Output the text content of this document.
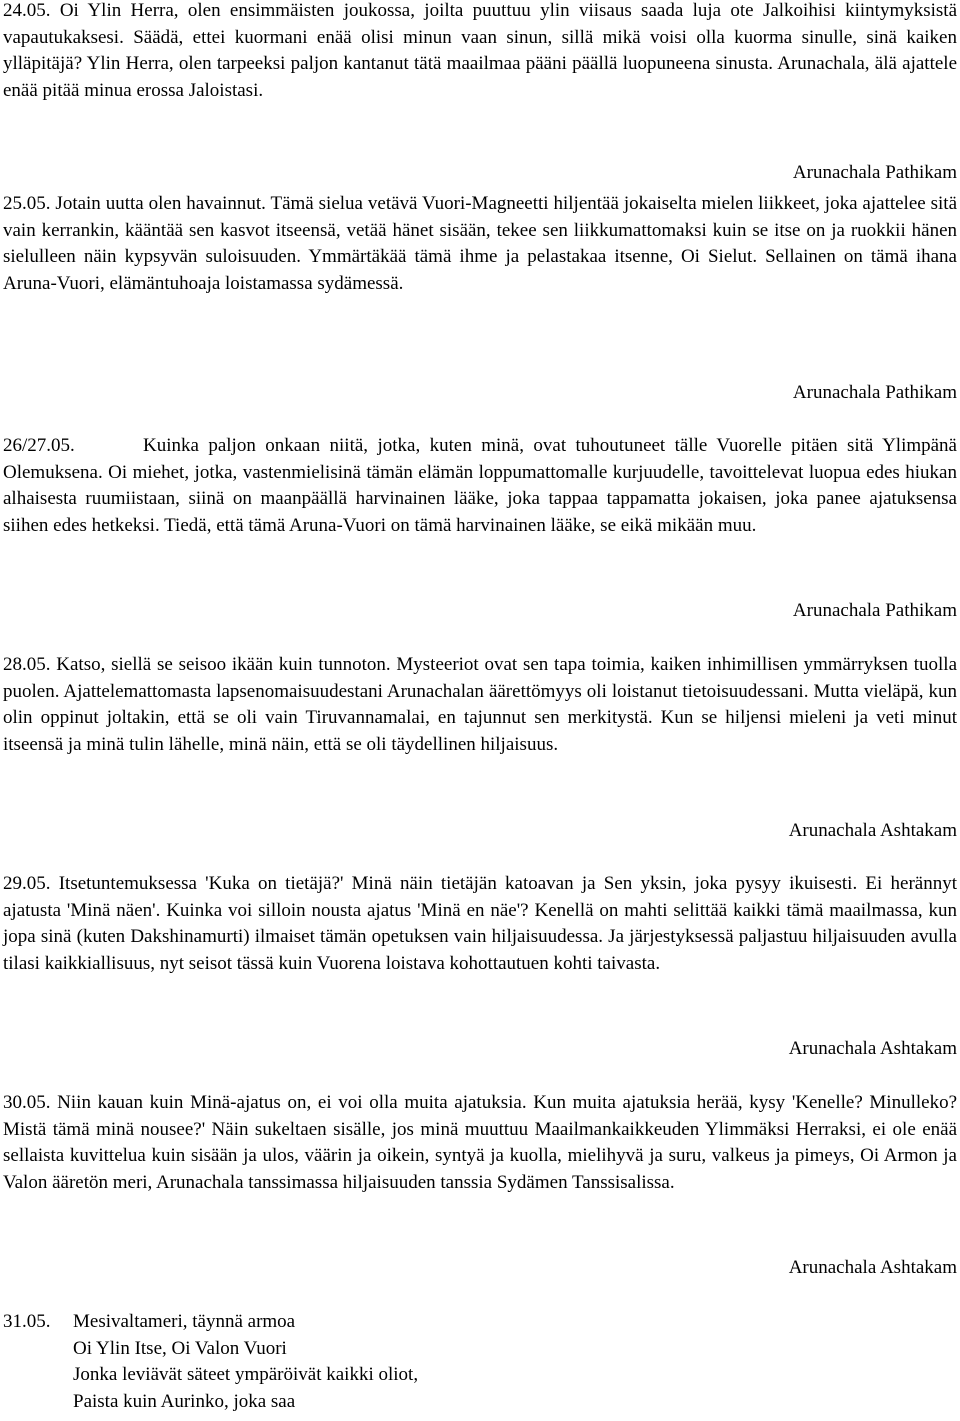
24.05. Oi Ylin Herra, olen ensimmäisten joukossa, joilta puuttuu ylin viisaus saada luja ote Jalkoihisi kiintymyksistä vapautukaksesi. Säädä, ettei kuormani enää olisi minun vaan sinun, sillä mikä voisi olla kuorma sinulle, sinä kaiken ylläpitäjä? Ylin Herra, olen tarpeeksi paljon kantanut tätä maailmaa pääni päällä luopuneena sinusta. Arunachala, älä ajattele enää pitää minua erossa Jaloistasi.

Arunachala Pathikam

25.05. Jotain uutta olen havainnut. Tämä sielua vetävä Vuori-Magneetti hiljentää jokaiselta mielen liikkeet, joka ajattelee sitä vain kerrankin, kääntää sen kasvot itseensä, vetää hänet sisään, tekee sen liikkumattomaksi kuin se itse on ja ruokkii hänen sielulleen näin kypsyvän suloisuuden. Ymmärtäkää tämä ihme ja pelastakaa itsenne, Oi Sielut. Sellainen on tämä ihana Aruna-Vuori, elämäntuhoaja loistamassa sydämessä.

Arunachala Pathikam

26/27.05.	Kuinka paljon onkaan niitä, jotka, kuten minä, ovat tuhoutuneet tälle Vuorelle pitäen sitä Ylimpänä Olemuksena. Oi miehet, jotka, vastenmielisinä tämän elämän loppumattomalle kurjuudelle, tavoittelevat luopua edes hiukan alhaisesta ruumiistaan, siinä on maanpäällä harvinainen lääke, joka tappaa tappamatta jokaisen, joka panee ajatuksensa siihen edes hetkeksi. Tiedä, että tämä Aruna-Vuori on tämä harvinainen lääke, se eikä mikään muu.

Arunachala Pathikam

28.05. Katso, siellä se seisoo ikään kuin tunnoton. Mysteeriot ovat sen tapa toimia, kaiken inhimillisen ymmärryksen tuolla puolen. Ajattelemattomasta lapsenomaisuudestani Arunachalan äärettömyys oli loistanut tietoisuudessani. Mutta vieläpä, kun olin oppinut joltakin, että se oli vain Tiruvannamalai, en tajunnut sen merkitystä. Kun se hiljensi mieleni ja veti minut itseensä ja minä tulin lähelle, minä näin, että se oli täydellinen hiljaisuus.

Arunachala Ashtakam

29.05. Itsetuntemuksessa 'Kuka on tietäjä?' Minä näin tietäjän katoavan ja Sen yksin, joka pysyy ikuisesti. Ei herännyt ajatusta 'Minä näen'. Kuinka voi silloin nousta ajatus 'Minä en näe'? Kenellä on mahti selittää kaikki tämä maailmassa, kun jopa sinä (kuten Dakshinamurti) ilmaiset tämän opetuksen vain hiljaisuudessa. Ja järjestyksessä paljastuu hiljaisuuden avulla tilasi kaikkiallisuus, nyt seisot tässä kuin Vuorena loistava kohottautuen kohti taivasta.

Arunachala Ashtakam

30.05. Niin kauan kuin Minä-ajatus on, ei voi olla muita ajatuksia. Kun muita ajatuksia herää, kysy 'Kenelle? Minulleko? Mistä tämä minä nousee?' Näin sukeltaen sisälle, jos minä muuttuu Maailmankaikkeuden Ylimmäksi Herraksi, ei ole enää sellaista kuvittelua kuin sisään ja ulos, väärin ja oikein, syntyä ja kuolla, mielihyvä ja suru, valkeus ja pimeys, Oi Armon ja Valon ääretön meri, Arunachala tanssimassa hiljaisuuden tanssia Sydämen Tanssisalissa.

Arunachala Ashtakam
31.05. Mesivaltameri, täynnä armoa
Oi Ylin Itse, Oi Valon Vuori
Jonka leviävät säteet ympäröivät kaikki oliot,
Paista kuin Aurinko, joka saa
